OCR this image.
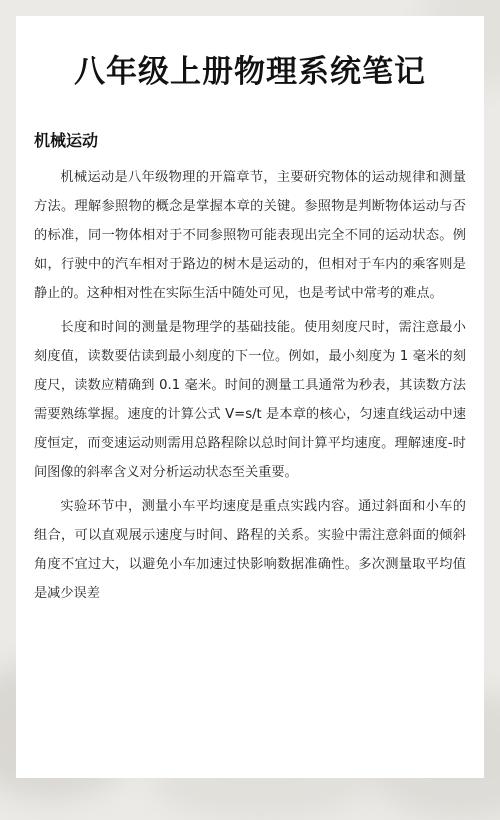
八年级上册物理系统笔记
机械运动

机械运动是八年级物理的开篇章节，主要研究物体的运动规律和测量方法。理解参照物的概念是掌握本章的关键。参照物是判断物体运动与否的标准，同一物体相对于不同参照物可能表现出完全不同的运动状态。例如，行驶中的汽车相对于路边的树木是运动的，但相对于车内的乘客则是静止的。这种相对性在实际生活中随处可见，也是考试中常考的难点。

长度和时间的测量是物理学的基础技能。使用刻度尺时，需注意最小刻度值，读数要估读到最小刻度的下一位。例如，最小刻度为 1 毫米的刻度尺，读数应精确到 0.1 毫米。时间的测量工具通常为秒表，其读数方法需要熟练掌握。速度的计算公式 V=s/t 是本章的核心，匀速直线运动中速度恒定，而变速运动则需用总路程除以总时间计算平均速度。理解速度-时间图像的斜率含义对分析运动状态至关重要。

实验环节中，测量小车平均速度是重点实践内容。通过斜面和小车的组合，可以直观展示速度与时间、路程的关系。实验中需注意斜面的倾斜角度不宜过大，以避免小车加速过快影响数据准确性。多次测量取平均值是减少误差
